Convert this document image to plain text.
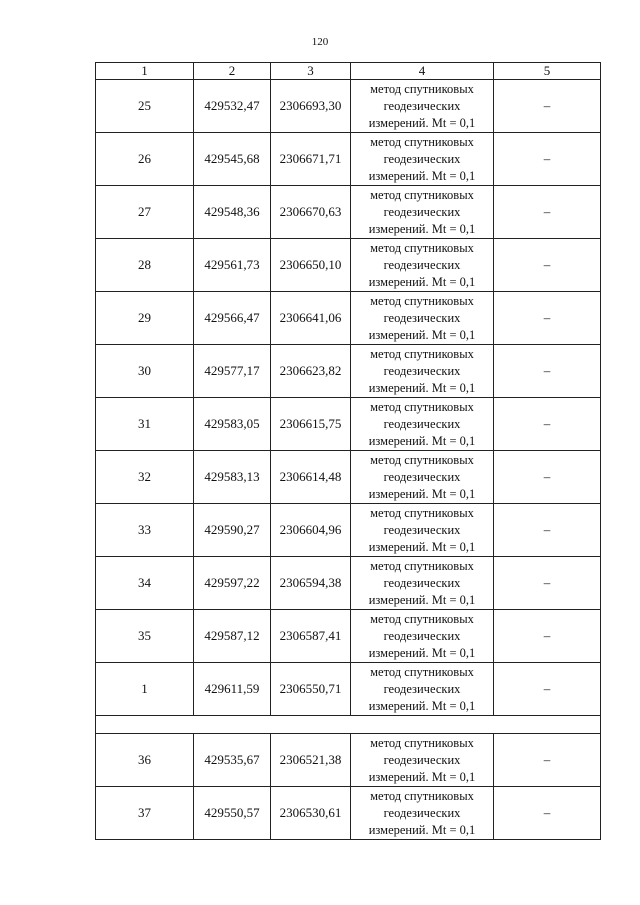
120
1	2	3	4	5
25	429532,47	2306693,30	метод спутниковых
геодезических
измерений. Mt = 0,1	–
26	429545,68	2306671,71	метод спутниковых
геодезических
измерений. Mt = 0,1	–
27	429548,36	2306670,63	метод спутниковых
геодезических
измерений. Mt = 0,1	–
28	429561,73	2306650,10	метод спутниковых
геодезических
измерений. Mt = 0,1	–
29	429566,47	2306641,06	метод спутниковых
геодезических
измерений. Mt = 0,1	–
30	429577,17	2306623,82	метод спутниковых
геодезических
измерений. Mt = 0,1	–
31	429583,05	2306615,75	метод спутниковых
геодезических
измерений. Mt = 0,1	–
32	429583,13	2306614,48	метод спутниковых
геодезических
измерений. Mt = 0,1	–
33	429590,27	2306604,96	метод спутниковых
геодезических
измерений. Mt = 0,1	–
34	429597,22	2306594,38	метод спутниковых
геодезических
измерений. Mt = 0,1	–
35	429587,12	2306587,41	метод спутниковых
геодезических
измерений. Mt = 0,1	–
1	429611,59	2306550,71	метод спутниковых
геодезических
измерений. Mt = 0,1	–

36	429535,67	2306521,38	метод спутниковых
геодезических
измерений. Mt = 0,1	–
37	429550,57	2306530,61	метод спутниковых
геодезических
измерений. Mt = 0,1	–
